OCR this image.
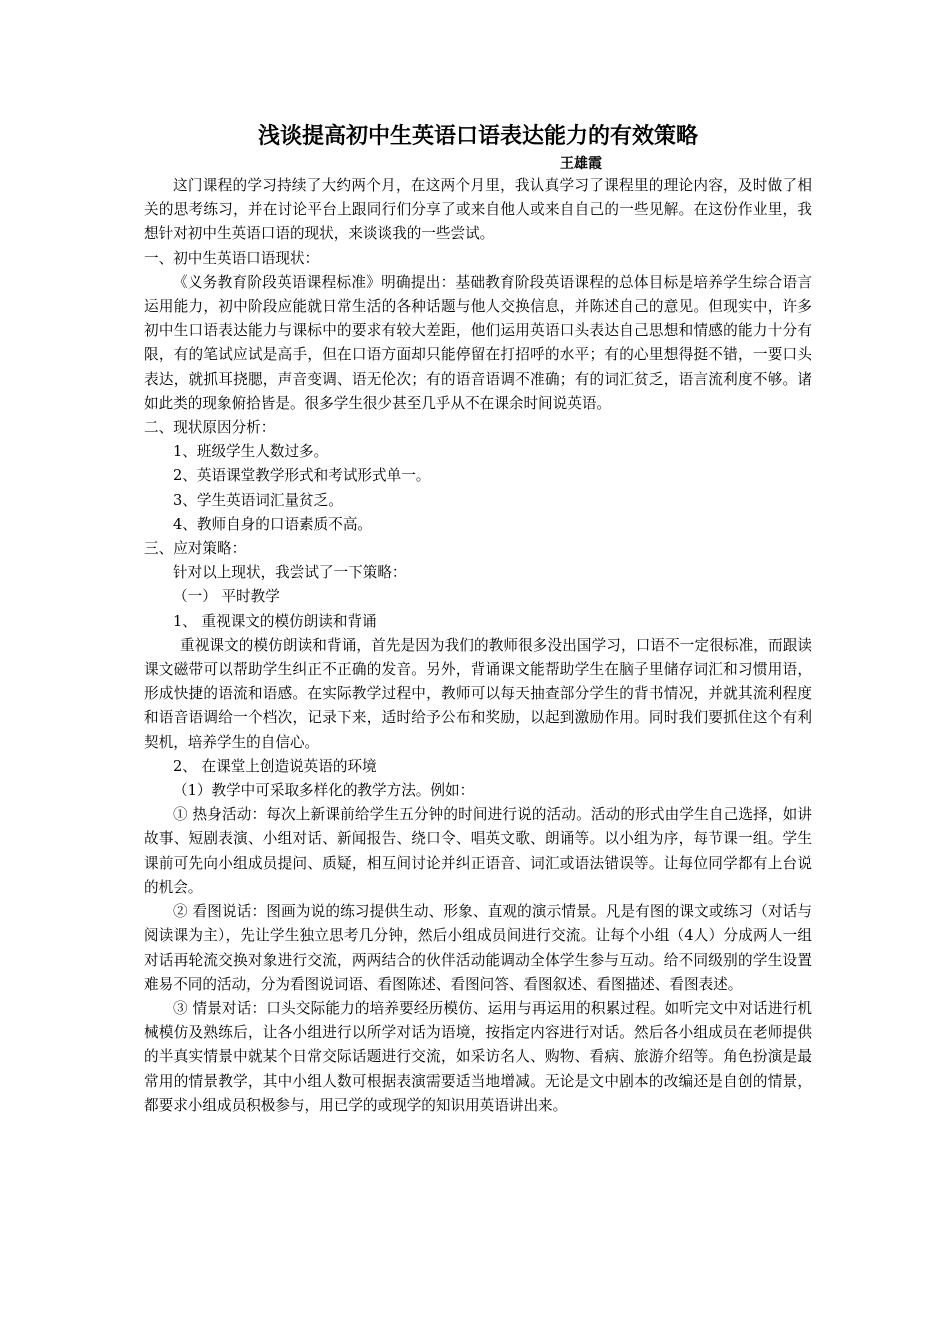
浅谈提高初中生英语口语表达能力的有效策略
王雄霞

这门课程的学习持续了大约两个月，在这两个月里，我认真学习了课程里的理论内容，及时做了相关的思考练习，并在讨论平台上跟同行们分享了或来自他人或来自自己的一些见解。在这份作业里，我想针对初中生英语口语的现状，来谈谈我的一些尝试。

一、初中生英语口语现状：

《义务教育阶段英语课程标准》明确提出：基础教育阶段英语课程的总体目标是培养学生综合语言运用能力，初中阶段应能就日常生活的各种话题与他人交换信息，并陈述自己的意见。但现实中，许多初中生口语表达能力与课标中的要求有较大差距，他们运用英语口头表达自己思想和情感的能力十分有限，有的笔试应试是高手，但在口语方面却只能停留在打招呼的水平；有的心里想得挺不错，一要口头表达，就抓耳挠腮，声音变调、语无伦次；有的语音语调不准确；有的词汇贫乏，语言流利度不够。诸如此类的现象俯拾皆是。很多学生很少甚至几乎从不在课余时间说英语。

二、现状原因分析：

1、班级学生人数过多。

2、英语课堂教学形式和考试形式单一。

3、学生英语词汇量贫乏。

4、教师自身的口语素质不高。

三、应对策略：

针对以上现状，我尝试了一下策略：

（一） 平时教学

1、 重视课文的模仿朗读和背诵

重视课文的模仿朗读和背诵，首先是因为我们的教师很多没出国学习，口语不一定很标准，而跟读课文磁带可以帮助学生纠正不正确的发音。另外，背诵课文能帮助学生在脑子里储存词汇和习惯用语，形成快捷的语流和语感。在实际教学过程中，教师可以每天抽查部分学生的背书情况，并就其流利程度和语音语调给一个档次，记录下来，适时给予公布和奖励，以起到激励作用。同时我们要抓住这个有利契机，培养学生的自信心。

2、 在课堂上创造说英语的环境

（1）教学中可采取多样化的教学方法。例如：

① 热身活动：每次上新课前给学生五分钟的时间进行说的活动。活动的形式由学生自己选择，如讲故事、短剧表演、小组对话、新闻报告、绕口令、唱英文歌、朗诵等。以小组为序，每节课一组。学生课前可先向小组成员提问、质疑，相互间讨论并纠正语音、词汇或语法错误等。让每位同学都有上台说的机会。

② 看图说话：图画为说的练习提供生动、形象、直观的演示情景。凡是有图的课文或练习（对话与阅读课为主），先让学生独立思考几分钟，然后小组成员间进行交流。让每个小组（4人）分成两人一组对话再轮流交换对象进行交流，两两结合的伙伴活动能调动全体学生参与互动。给不同级别的学生设置难易不同的活动，分为看图说词语、看图陈述、看图问答、看图叙述、看图描述、看图表述。

③ 情景对话：口头交际能力的培养要经历模仿、运用与再运用的积累过程。如听完文中对话进行机械模仿及熟练后，让各小组进行以所学对话为语境，按指定内容进行对话。然后各小组成员在老师提供的半真实情景中就某个日常交际话题进行交流，如采访名人、购物、看病、旅游介绍等。角色扮演是最常用的情景教学，其中小组人数可根据表演需要适当地增减。无论是文中剧本的改编还是自创的情景，都要求小组成员积极参与，用已学的或现学的知识用英语讲出来。
